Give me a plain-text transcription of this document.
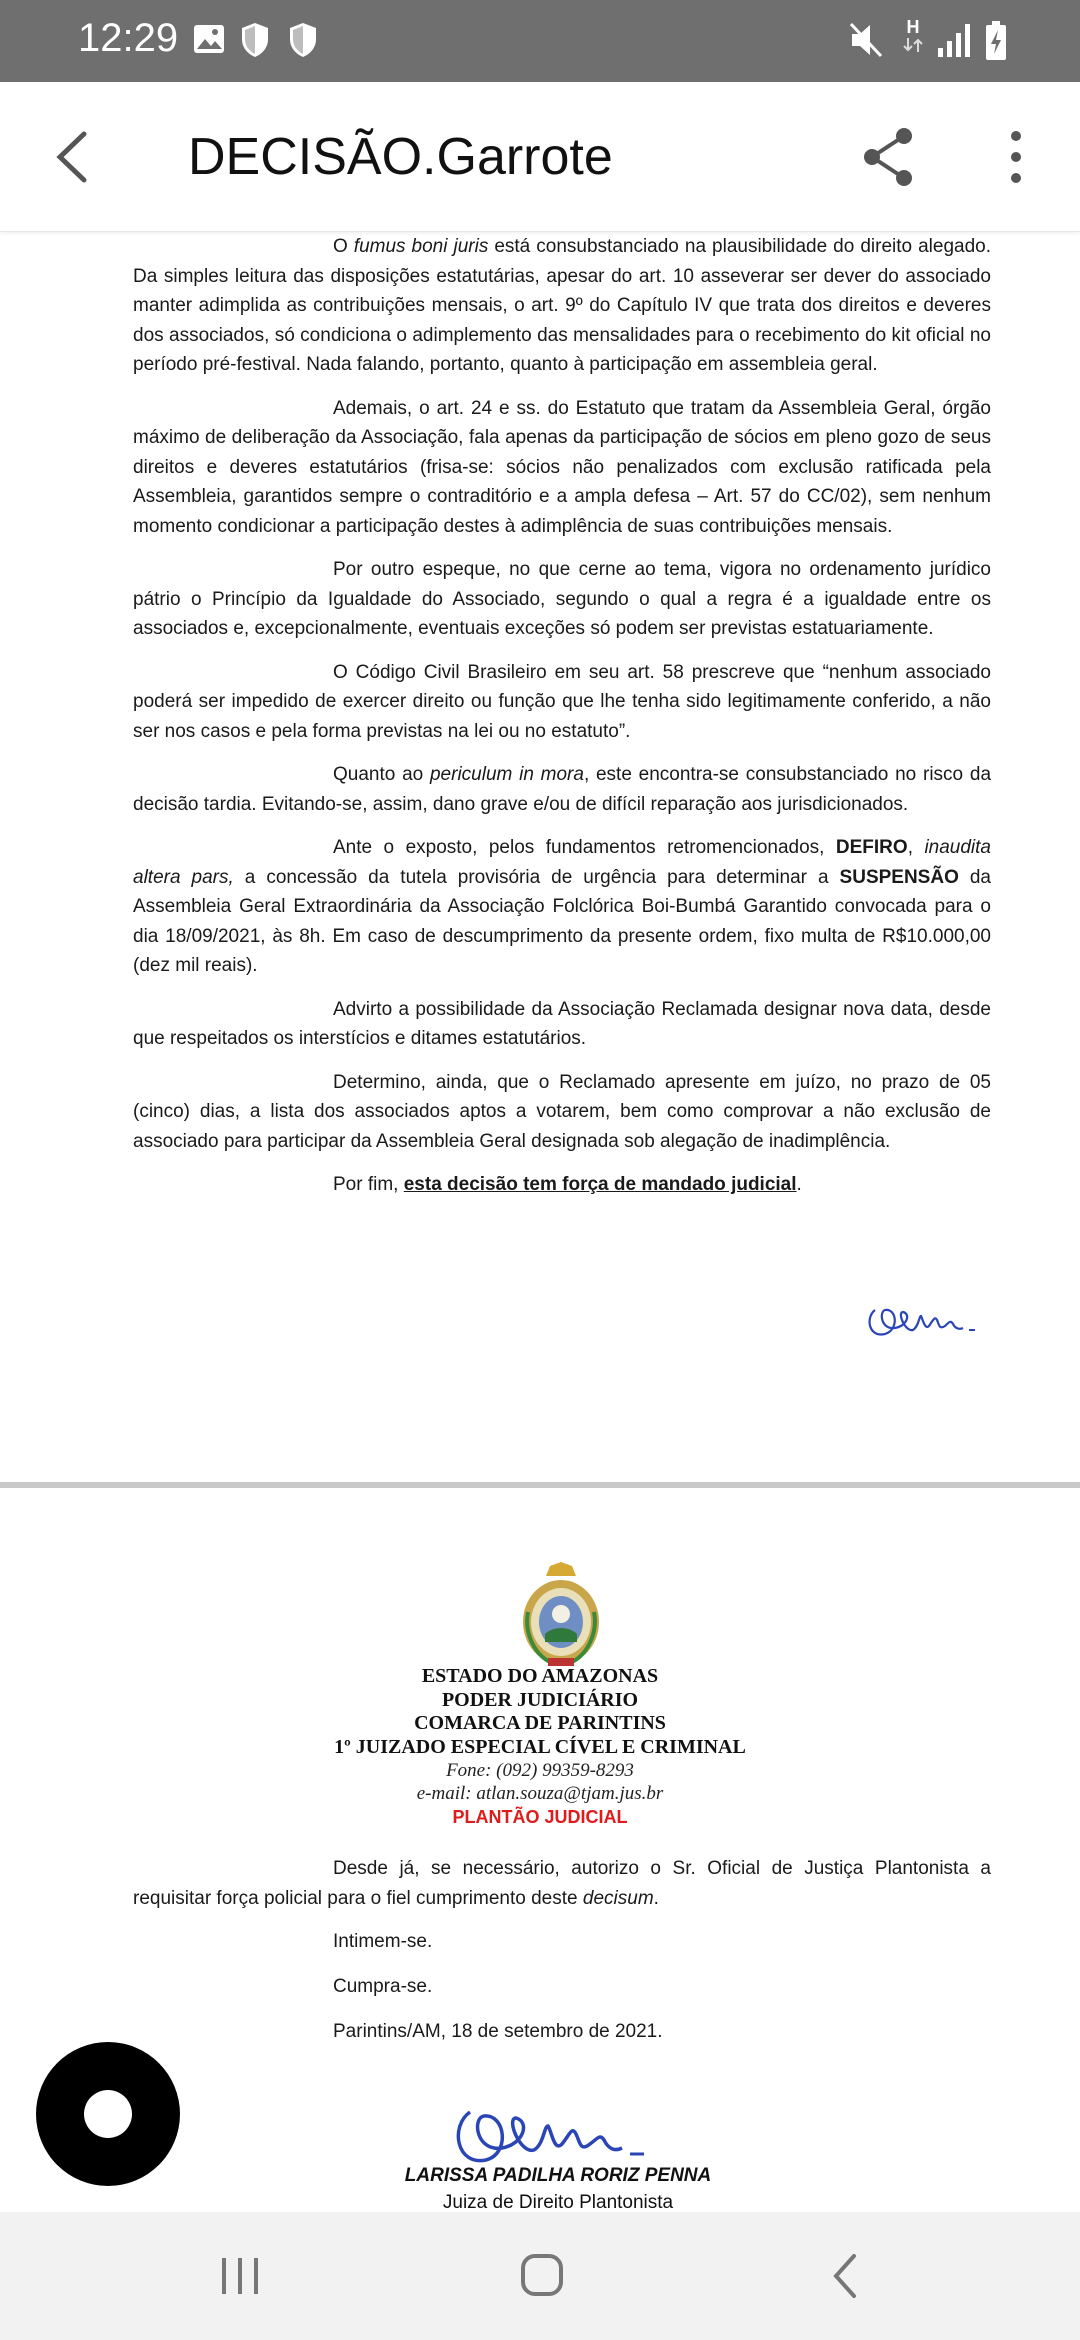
12:29	H
DECISÃO.Garrote

O fumus boni juris está consubstanciado na plausibilidade do direito alegado. Da simples leitura das disposições estatutárias, apesar do art. 10 asseverar ser dever do associado manter adimplida as contribuições mensais, o art. 9º do Capítulo IV que trata dos direitos e deveres dos associados, só condiciona o adimplemento das mensalidades para o recebimento do kit oficial no período pré-festival. Nada falando, portanto, quanto à participação em assembleia geral.

Ademais, o art. 24 e ss. do Estatuto que tratam da Assembleia Geral, órgão máximo de deliberação da Associação, fala apenas da participação de sócios em pleno gozo de seus direitos e deveres estatutários (frisa-se: sócios não penalizados com exclusão ratificada pela Assembleia, garantidos sempre o contraditório e a ampla defesa – Art. 57 do CC/02), sem nenhum momento condicionar a participação destes à adimplência de suas contribuições mensais.

Por outro espeque, no que cerne ao tema, vigora no ordenamento jurídico pátrio o Princípio da Igualdade do Associado, segundo o qual a regra é a igualdade entre os associados e, excepcionalmente, eventuais exceções só podem ser previstas estatuariamente.

O Código Civil Brasileiro em seu art. 58 prescreve que “nenhum associado poderá ser impedido de exercer direito ou função que lhe tenha sido legitimamente conferido, a não ser nos casos e pela forma previstas na lei ou no estatuto”.

Quanto ao periculum in mora, este encontra-se consubstanciado no risco da decisão tardia. Evitando-se, assim, dano grave e/ou de difícil reparação aos jurisdicionados.

Ante o exposto, pelos fundamentos retromencionados, DEFIRO, inaudita altera pars, a concessão da tutela provisória de urgência para determinar a SUSPENSÃO da Assembleia Geral Extraordinária da Associação Folclórica Boi-Bumbá Garantido convocada para o dia 18/09/2021, às 8h. Em caso de descumprimento da presente ordem, fixo multa de R$10.000,00 (dez mil reais).

Advirto a possibilidade da Associação Reclamada designar nova data, desde que respeitados os interstícios e ditames estatutários.

Determino, ainda, que o Reclamado apresente em juízo, no prazo de 05 (cinco) dias, a lista dos associados aptos a votarem, bem como comprovar a não exclusão de associado para participar da Assembleia Geral designada sob alegação de inadimplência.

Por fim, esta decisão tem força de mandado judicial.

ESTADO DO AMAZONAS
PODER JUDICIÁRIO
COMARCA DE PARINTINS
1º JUIZADO ESPECIAL CÍVEL E CRIMINAL
Fone: (092) 99359-8293
e-mail: atlan.souza@tjam.jus.br
PLANTÃO JUDICIAL

Desde já, se necessário, autorizo o Sr. Oficial de Justiça Plantonista a requisitar força policial para o fiel cumprimento deste decisum.

Intimem-se.

Cumpra-se.

Parintins/AM, 18 de setembro de 2021.

LARISSA PADILHA RORIZ PENNA
Juiza de Direito Plantonista
